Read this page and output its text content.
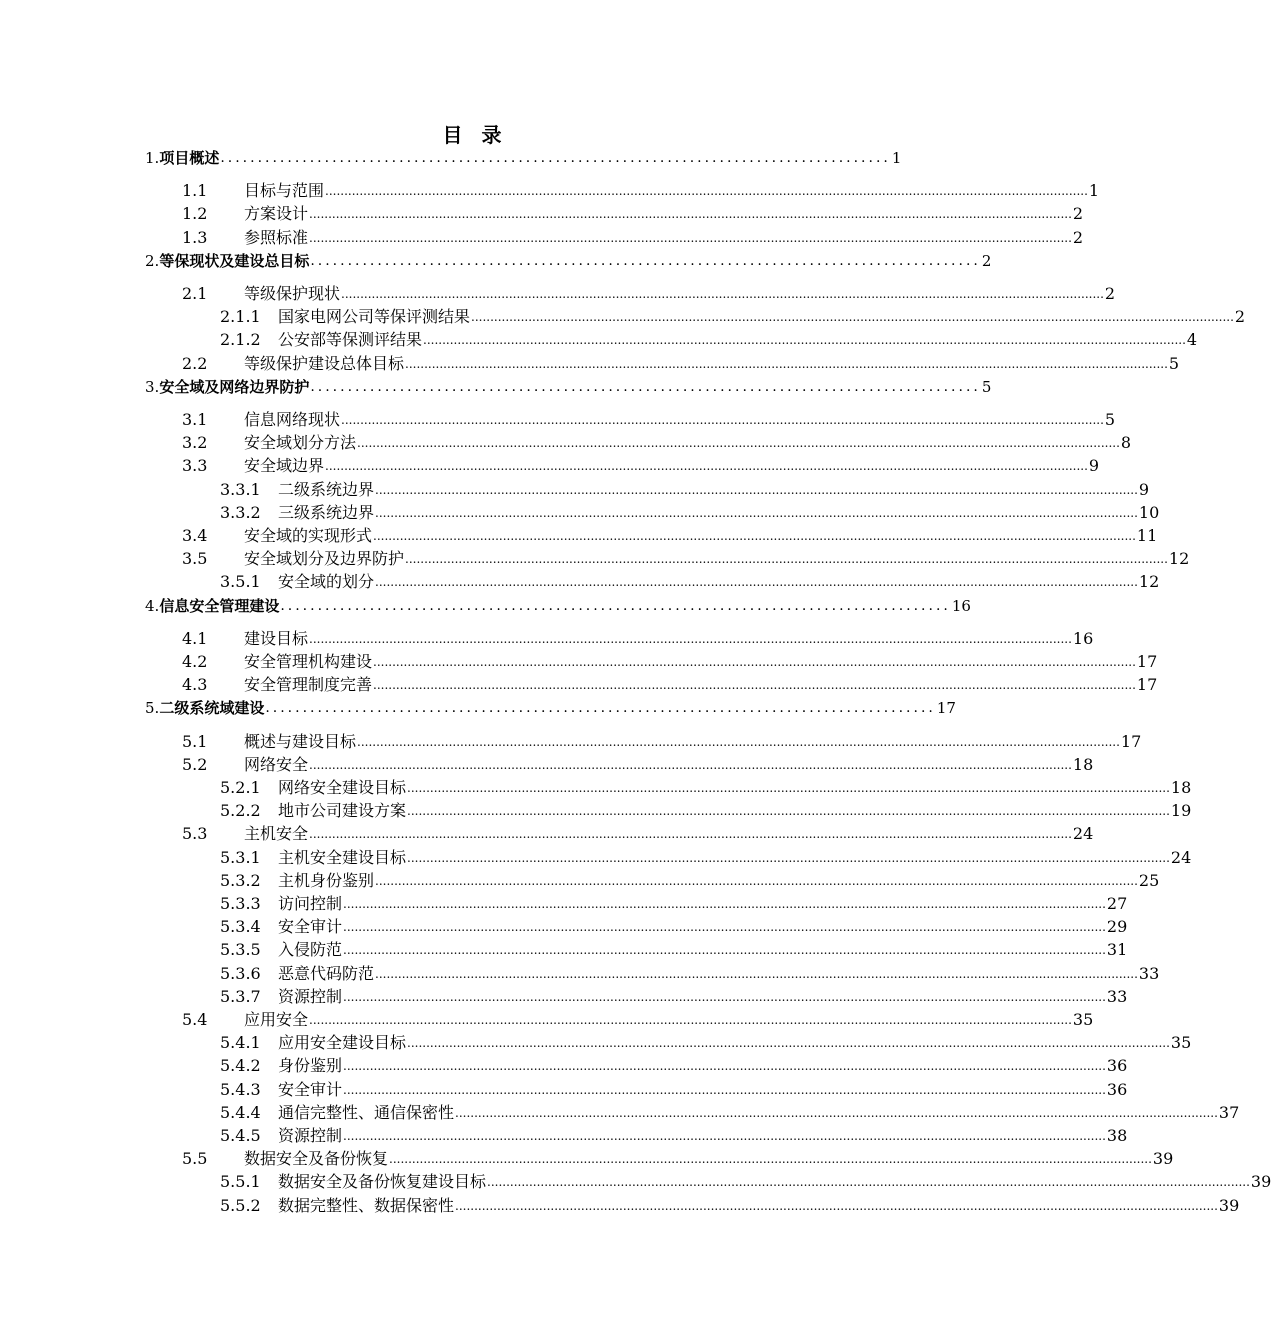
目 录
1. 项目概述 .......................................................................................... 1
1.1	目标与范围 ........................................................................................................................................................................................................ 1
1.2	方案设计 ........................................................................................................................................................................................................ 2
1.3	参照标准 ........................................................................................................................................................................................................ 2
2. 等保现状及建设总目标 .......................................................................................... 2
2.1	等级保护现状 ........................................................................................................................................................................................................ 2
2.1.1	国家电网公司等保评测结果 ........................................................................................................................................................................................................ 2
2.1.2	公安部等保测评结果 ........................................................................................................................................................................................................ 4
2.2	等级保护建设总体目标 ........................................................................................................................................................................................................ 5
3. 安全域及网络边界防护 .......................................................................................... 5
3.1	信息网络现状 ........................................................................................................................................................................................................ 5
3.2	安全域划分方法 ........................................................................................................................................................................................................ 8
3.3	安全域边界 ........................................................................................................................................................................................................ 9
3.3.1	二级系统边界 ........................................................................................................................................................................................................ 9
3.3.2	三级系统边界 ........................................................................................................................................................................................................ 10
3.4	安全域的实现形式 ........................................................................................................................................................................................................ 11
3.5	安全域划分及边界防护 ........................................................................................................................................................................................................ 12
3.5.1	安全域的划分 ........................................................................................................................................................................................................ 12
4. 信息安全管理建设 .......................................................................................... 16
4.1	建设目标 ........................................................................................................................................................................................................ 16
4.2	安全管理机构建设 ........................................................................................................................................................................................................ 17
4.3	安全管理制度完善 ........................................................................................................................................................................................................ 17
5. 二级系统域建设 .......................................................................................... 17
5.1	概述与建设目标 ........................................................................................................................................................................................................ 17
5.2	网络安全 ........................................................................................................................................................................................................ 18
5.2.1	网络安全建设目标 ........................................................................................................................................................................................................ 18
5.2.2	地市公司建设方案 ........................................................................................................................................................................................................ 19
5.3	主机安全 ........................................................................................................................................................................................................ 24
5.3.1	主机安全建设目标 ........................................................................................................................................................................................................ 24
5.3.2	主机身份鉴别 ........................................................................................................................................................................................................ 25
5.3.3	访问控制 ........................................................................................................................................................................................................ 27
5.3.4	安全审计 ........................................................................................................................................................................................................ 29
5.3.5	入侵防范 ........................................................................................................................................................................................................ 31
5.3.6	恶意代码防范 ........................................................................................................................................................................................................ 33
5.3.7	资源控制 ........................................................................................................................................................................................................ 33
5.4	应用安全 ........................................................................................................................................................................................................ 35
5.4.1	应用安全建设目标 ........................................................................................................................................................................................................ 35
5.4.2	身份鉴别 ........................................................................................................................................................................................................ 36
5.4.3	安全审计 ........................................................................................................................................................................................................ 36
5.4.4	通信完整性、通信保密性 ........................................................................................................................................................................................................ 37
5.4.5	资源控制 ........................................................................................................................................................................................................ 38
5.5	数据安全及备份恢复 ........................................................................................................................................................................................................ 39
5.5.1	数据安全及备份恢复建设目标 ........................................................................................................................................................................................................ 39
5.5.2	数据完整性、数据保密性 ........................................................................................................................................................................................................ 39
